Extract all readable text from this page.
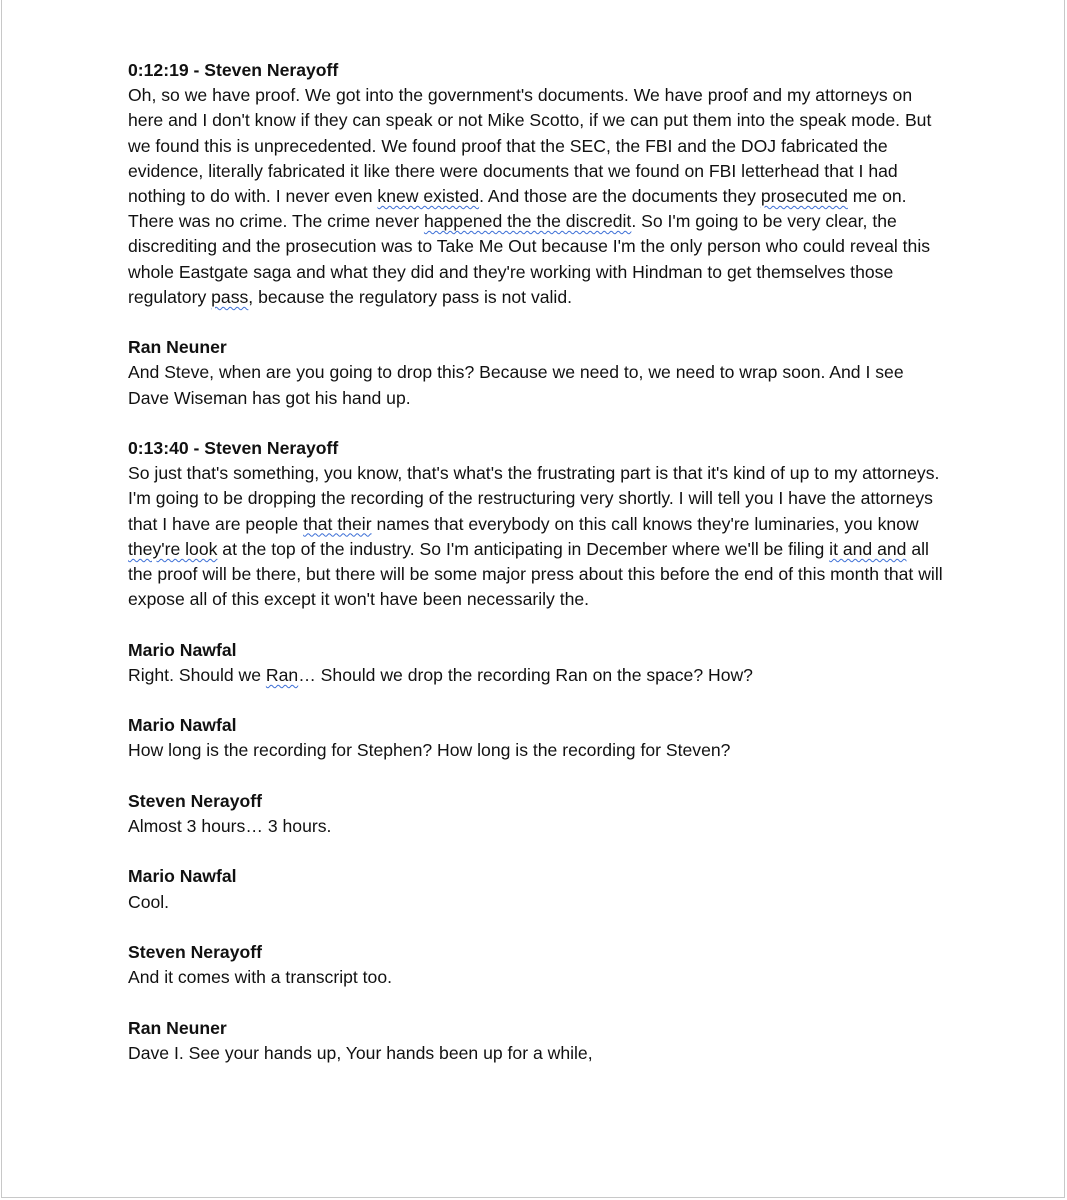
0:12:19 - Steven Nerayoff
Oh, so we have proof. We got into the government's documents. We have proof and my attorneys on here and I don't know if they can speak or not Mike Scotto, if we can put them into the speak mode. But we found this is unprecedented. We found proof that the SEC, the FBI and the DOJ fabricated the evidence, literally fabricated it like there were documents that we found on FBI letterhead that I had nothing to do with. I never even knew existed. And those are the documents they prosecuted me on. There was no crime. The crime never happened the the discredit. So I'm going to be very clear, the discrediting and the prosecution was to Take Me Out because I'm the only person who could reveal this whole Eastgate saga and what they did and they're working with Hindman to get themselves those regulatory pass, because the regulatory pass is not valid.
Ran Neuner
And Steve, when are you going to drop this? Because we need to, we need to wrap soon. And I see Dave Wiseman has got his hand up.
0:13:40 - Steven Nerayoff
So just that's something, you know, that's what's the frustrating part is that it's kind of up to my attorneys. I'm going to be dropping the recording of the restructuring very shortly. I will tell you I have the attorneys that I have are people that their names that everybody on this call knows they're luminaries, you know they're look at the top of the industry. So I'm anticipating in December where we'll be filing it and and all the proof will be there, but there will be some major press about this before the end of this month that will expose all of this except it won't have been necessarily the.
Mario Nawfal
Right. Should we Ran… Should we drop the recording Ran on the space? How?
Mario Nawfal
How long is the recording for Stephen? How long is the recording for Steven?
Steven Nerayoff
Almost 3 hours… 3 hours.
Mario Nawfal
Cool.
Steven Nerayoff
And it comes with a transcript too.
Ran Neuner
Dave I. See your hands up, Your hands been up for a while,
